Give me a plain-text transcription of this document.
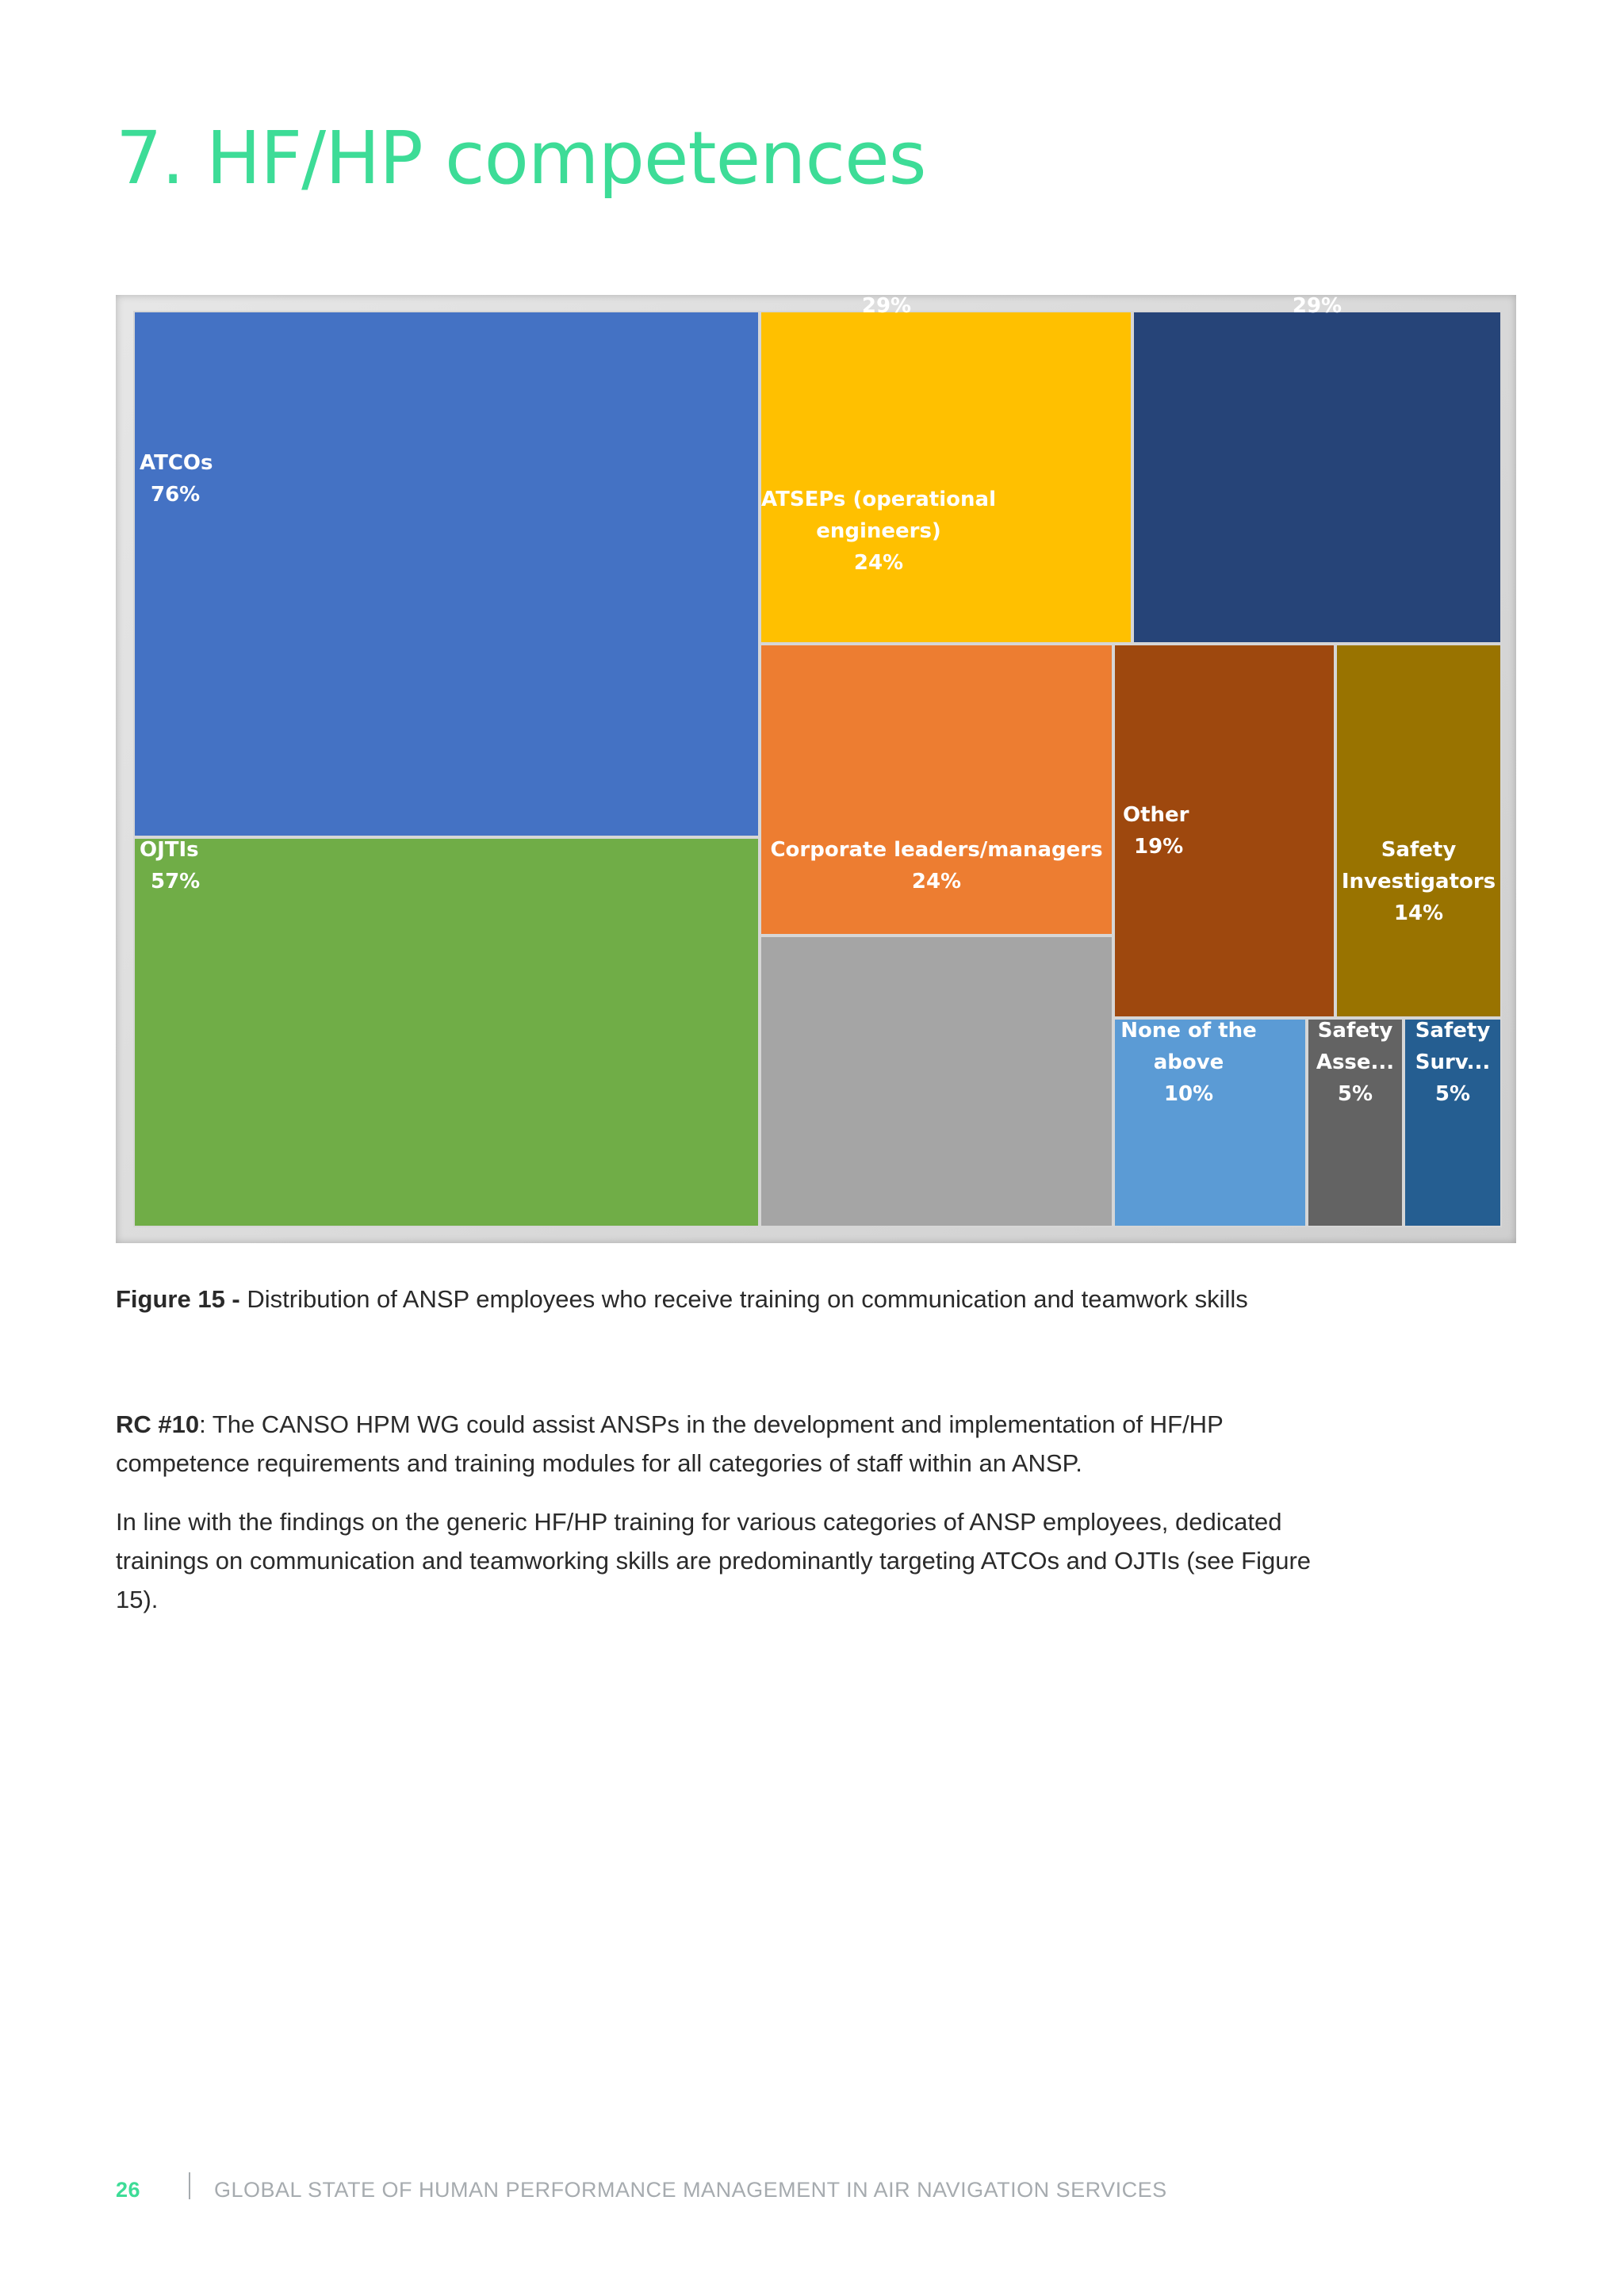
7. HF/HP competences
ATCOs
76%
OJTIs
57%
HP expert/specialists
29%
Operational leaders/managers
29%
ATSEPs (operational
engineers)
24%
Corporate leaders/managers
24%
Other
19%	Safety
Investigators
14%
None of the
above
10%
Safety
Asse...
5%
Safety
Surv...
5%

Figure 15 - Distribution of ANSP employees who receive training on communication and teamwork skills

RC #10: The CANSO HPM WG could assist ANSPs in the development and implementation of HF/HP competence requirements and training modules for all categories of staff within an ANSP.

In line with the findings on the generic HF/HP training for various categories of ANSP employees, dedicated trainings on communication and teamworking skills are predominantly targeting ATCOs and OJTIs (see Figure 15).

26	GLOBAL STATE OF HUMAN PERFORMANCE MANAGEMENT IN AIR NAVIGATION SERVICES
